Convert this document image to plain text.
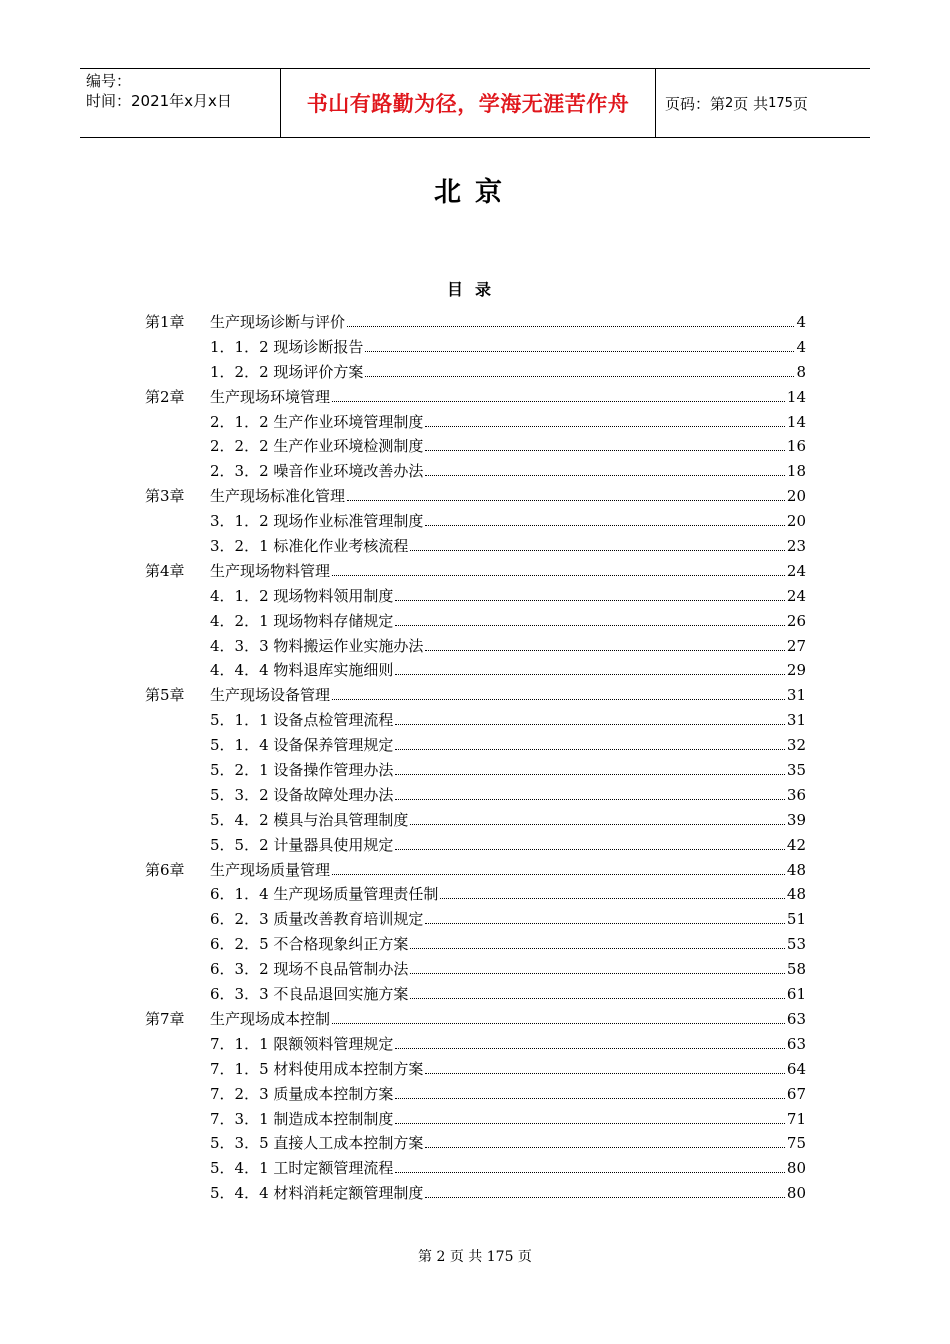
编号：
时间：2021年x月x日	书山有路勤为径，学海无涯苦作舟	页码：第 2 页 共 175 页
北京
目录
第1章	生产现场诊断与评价	4
1．1．2 现场诊断报告	4
1．2．2 现场评价方案	8
第2章	生产现场环境管理	14
2．1．2 生产作业环境管理制度	14
2．2．2 生产作业环境检测制度	16
2．3．2 噪音作业环境改善办法	18
第3章	生产现场标准化管理	20
3．1．2 现场作业标准管理制度	20
3．2．1 标准化作业考核流程	23
第4章	生产现场物料管理	24
4．1．2 现场物料领用制度	24
4．2．1 现场物料存储规定	26
4．3．3 物料搬运作业实施办法	27
4．4．4 物料退库实施细则	29
第5章	生产现场设备管理	31
5．1．1 设备点检管理流程	31
5．1．4 设备保养管理规定	32
5．2．1 设备操作管理办法	35
5．3．2 设备故障处理办法	36
5．4．2 模具与治具管理制度	39
5．5．2 计量器具使用规定	42
第6章	生产现场质量管理	48
6．1．4 生产现场质量管理责任制	48
6．2．3 质量改善教育培训规定	51
6．2．5 不合格现象纠正方案	53
6．3．2 现场不良品管制办法	58
6．3．3 不良品退回实施方案	61
第7章	生产现场成本控制	63
7．1．1 限额领料管理规定	63
7．1．5 材料使用成本控制方案	64
7．2．3 质量成本控制方案	67
7．3．1 制造成本控制制度	71
5．3．5 直接人工成本控制方案	75
5．4．1 工时定额管理流程	80
5．4．4 材料消耗定额管理制度	80
第 2 页 共 175 页
